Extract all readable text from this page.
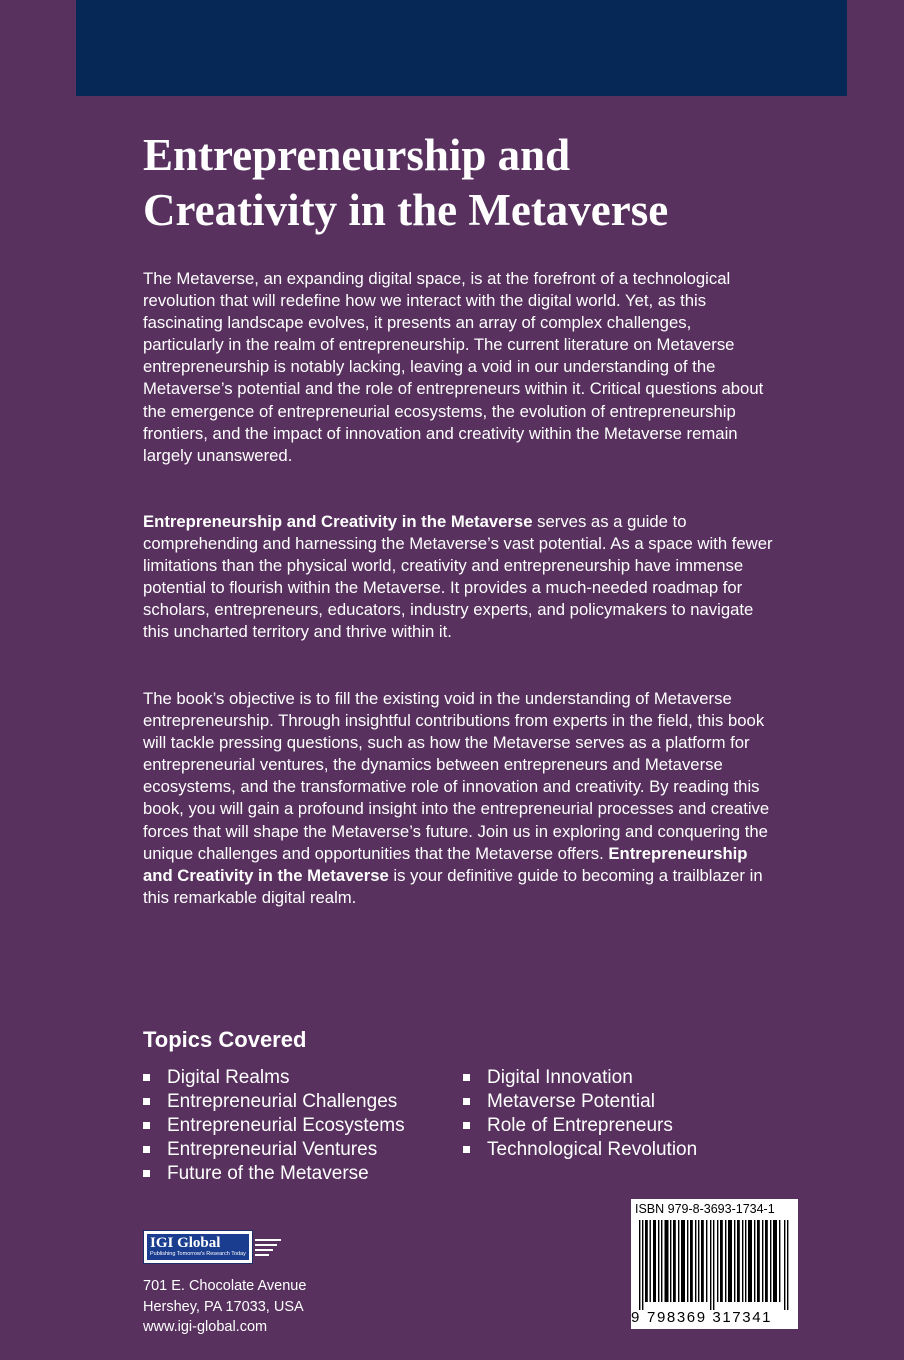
Entrepreneurship and
Creativity in the Metaverse

The Metaverse, an expanding digital space, is at the forefront of a technological revolution that will redefine how we interact with the digital world. Yet, as this fascinating landscape evolves, it presents an array of complex challenges, particularly in the realm of entrepreneurship. The current literature on Metaverse entrepreneurship is notably lacking, leaving a void in our understanding of the Metaverse’s potential and the role of entrepreneurs within it. Critical questions about the emergence of entrepreneurial ecosystems, the evolution of entrepreneurship frontiers, and the impact of innovation and creativity within the Metaverse remain largely unanswered.

Entrepreneurship and Creativity in the Metaverse serves as a guide to comprehending and harnessing the Metaverse’s vast potential. As a space with fewer limitations than the physical world, creativity and entrepreneurship have immense potential to flourish within the Metaverse. It provides a much-needed roadmap for scholars, entrepreneurs, educators, industry experts, and policymakers to navigate this uncharted territory and thrive within it.

The book’s objective is to fill the existing void in the understanding of Metaverse entrepreneurship. Through insightful contributions from experts in the field, this book will tackle pressing questions, such as how the Metaverse serves as a platform for entrepreneurial ventures, the dynamics between entrepreneurs and Metaverse ecosystems, and the transformative role of innovation and creativity. By reading this book, you will gain a profound insight into the entrepreneurial processes and creative forces that will shape the Metaverse’s future. Join us in exploring and conquering the unique challenges and opportunities that the Metaverse offers. Entrepreneurship and Creativity in the Metaverse is your definitive guide to becoming a trailblazer in this remarkable digital realm.

Topics Covered
Digital Realms
Entrepreneurial Challenges
Entrepreneurial Ecosystems
Entrepreneurial Ventures
Future of the Metaverse
Digital Innovation
Metaverse Potential
Role of Entrepreneurs
Technological Revolution
IGI Global
Publishing Tomorrow's Research Today

701 E. Chocolate Avenue
Hershey, PA 17033, USA
www.igi-global.com

ISBN 979-8-3693-1734-1
9 798369 317341
